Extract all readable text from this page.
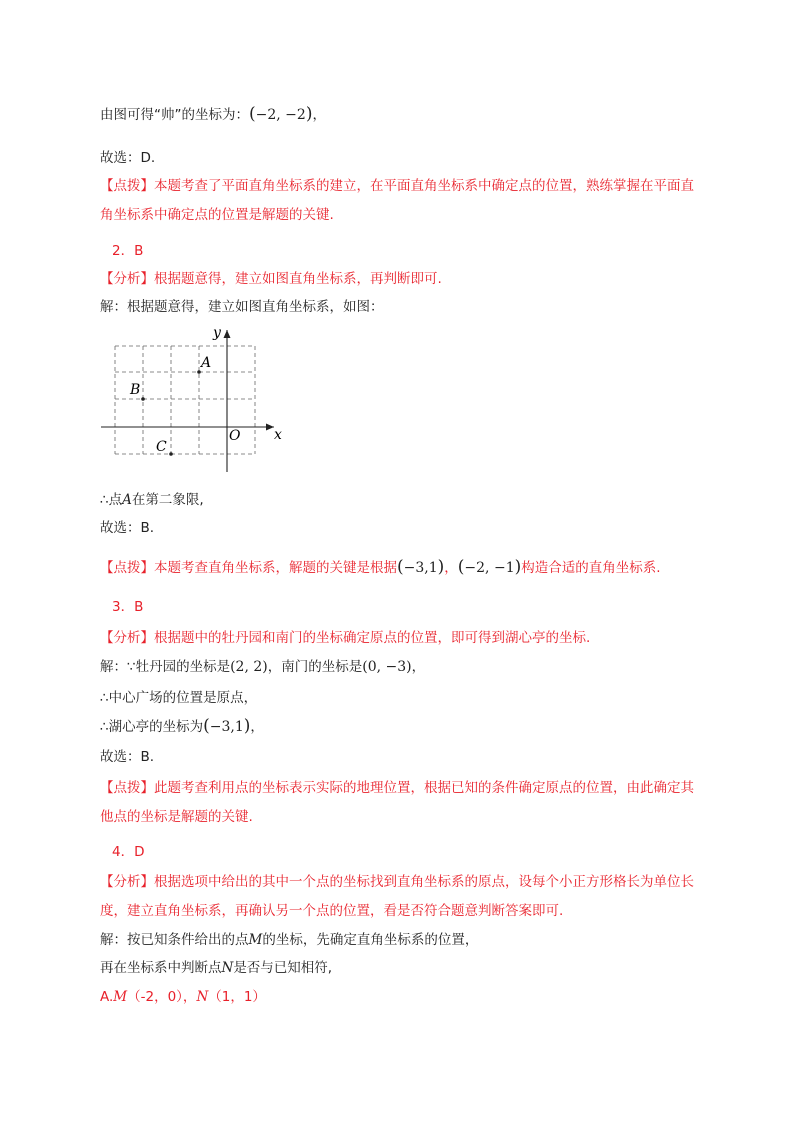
由图可得“帅”的坐标为：(−2, −2)，
故选：D.
【点拨】本题考查了平面直角坐标系的建立，在平面直角坐标系中确定点的位置，熟练掌握在平面直
角坐标系中确定点的位置是解题的关键.
2．B
【分析】根据题意得，建立如图直角坐标系，再判断即可.
解：根据题意得，建立如图直角坐标系，如图：
x
y
O
A
B
C
∴点A在第二象限,
故选：B.
【点拨】本题考查直角坐标系，解题的关键是根据(−3,1)，(−2, −1)构造合适的直角坐标系.
3．B
【分析】根据题中的牡丹园和南门的坐标确定原点的位置，即可得到湖心亭的坐标.
解：∵牡丹园的坐标是(2, 2)，南门的坐标是(0, −3)，
∴中心广场的位置是原点，
∴湖心亭的坐标为(−3,1)，
故选：B.
【点拨】此题考查利用点的坐标表示实际的地理位置，根据已知的条件确定原点的位置，由此确定其
他点的坐标是解题的关键.
4．D
【分析】根据选项中给出的其中一个点的坐标找到直角坐标系的原点，设每个小正方形格长为单位长
度，建立直角坐标系，再确认另一个点的位置，看是否符合题意判断答案即可.
解：按已知条件给出的点M的坐标，先确定直角坐标系的位置，
再在坐标系中判断点N是否与已知相符,
A.M（-2，0），N（1，1）
